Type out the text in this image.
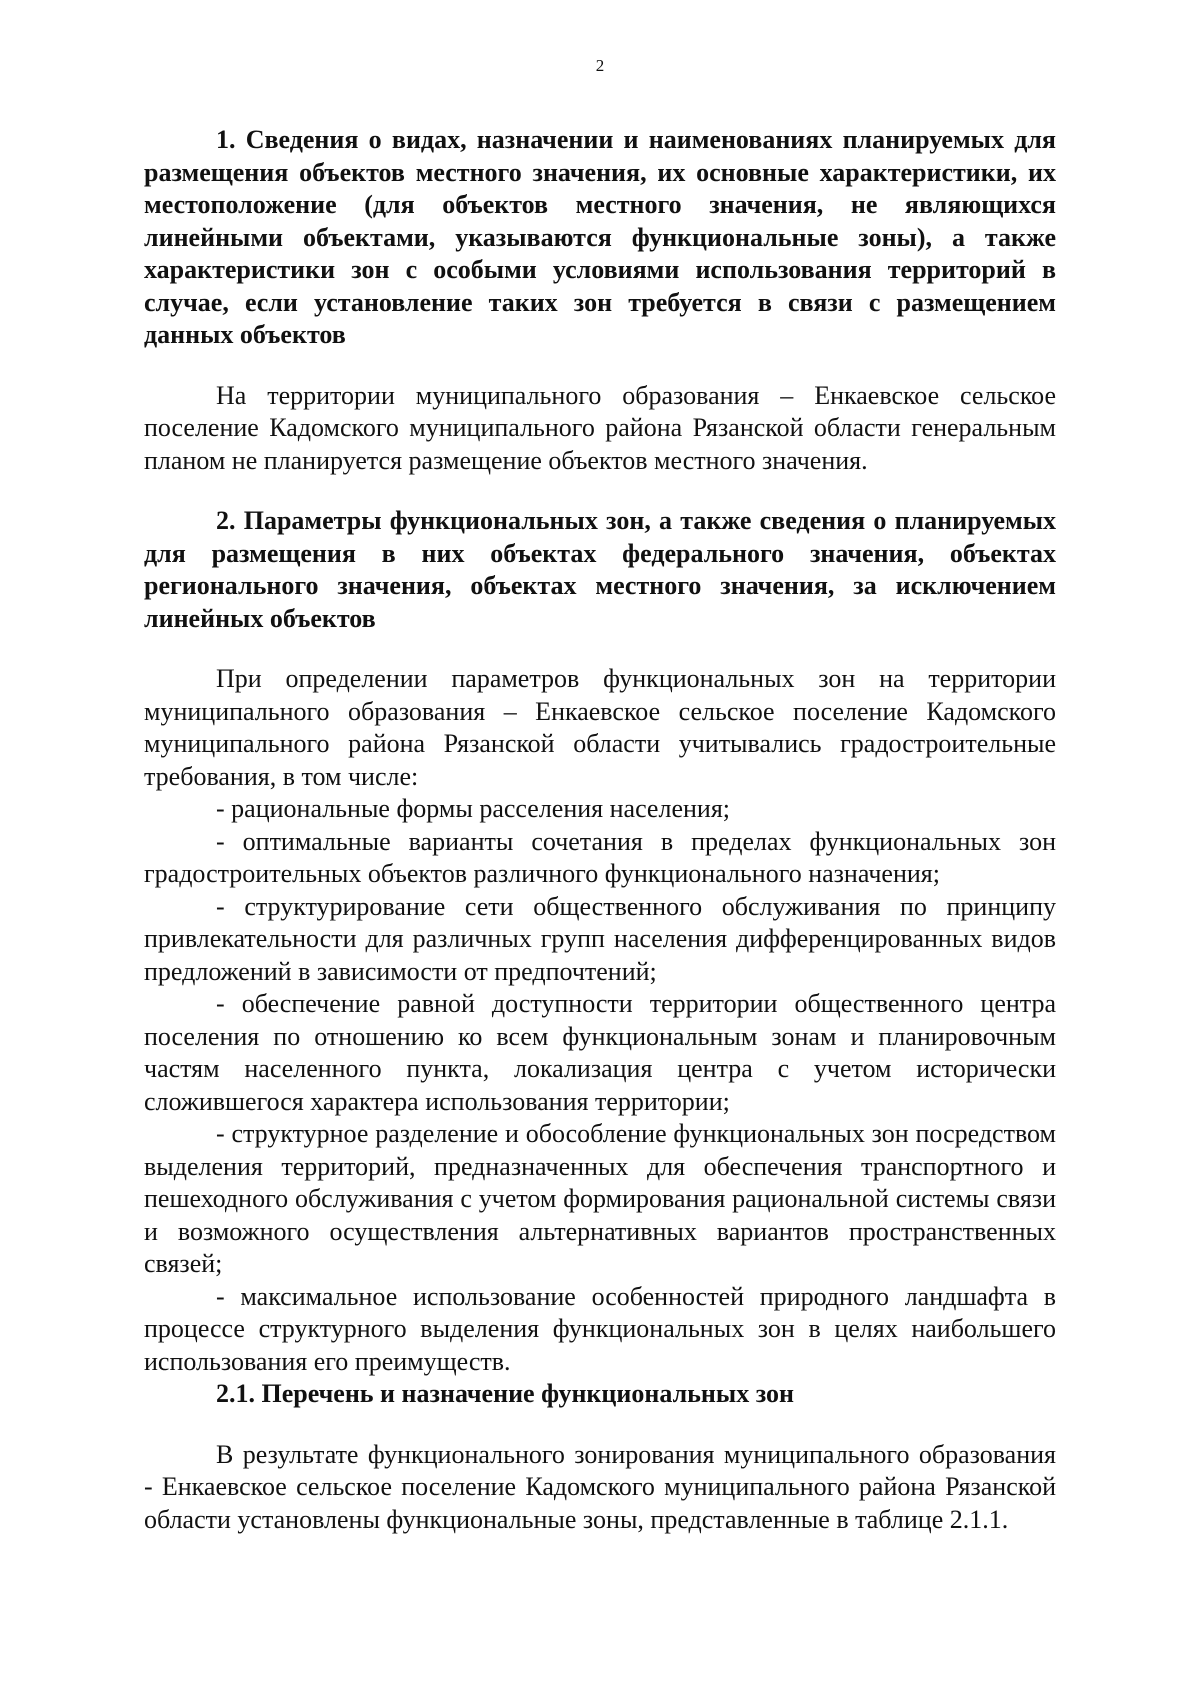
2
1. Сведения о видах, назначении и наименованиях планируемых для размещения объектов местного значения, их основные характеристики, их местоположение (для объектов местного значения, не являющихся линейными объектами, указываются функциональные зоны), а также характеристики зон с особыми условиями использования территорий в случае, если установление таких зон требуется в связи с размещением данных объектов

На территории муниципального образования – Енкаевское сельское поселение Кадомского муниципального района Рязанской области генеральным планом не планируется размещение объектов местного значения.

2. Параметры функциональных зон, а также сведения о планируемых для размещения в них объектах федерального значения, объектах регионального значения, объектах местного значения, за исключением линейных объектов

При определении параметров функциональных зон на территории муниципального образования – Енкаевское сельское поселение Кадомского муниципального района Рязанской области учитывались градостроительные требования, в том числе:

- рациональные формы расселения населения;
- оптимальные варианты сочетания в пределах функциональных зон градостроительных объектов различного функционального назначения;
- структурирование сети общественного обслуживания по принципу привлекательности для различных групп населения дифференцированных видов предложений в зависимости от предпочтений;
- обеспечение равной доступности территории общественного центра поселения по отношению ко всем функциональным зонам и планировочным частям населенного пункта, локализация центра с учетом исторически сложившегося характера использования территории;
- структурное разделение и обособление функциональных зон посредством выделения территорий, предназначенных для обеспечения транспортного и пешеходного обслуживания с учетом формирования рациональной системы связи и возможного осуществления альтернативных вариантов пространственных связей;
- максимальное использование особенностей природного ландшафта в процессе структурного выделения функциональных зон в целях наибольшего использования его преимуществ.
2.1. Перечень и назначение функциональных зон

В результате функционального зонирования муниципального образования - Енкаевское сельское поселение Кадомского муниципального района Рязанской области установлены функциональные зоны, представленные в таблице 2.1.1.
